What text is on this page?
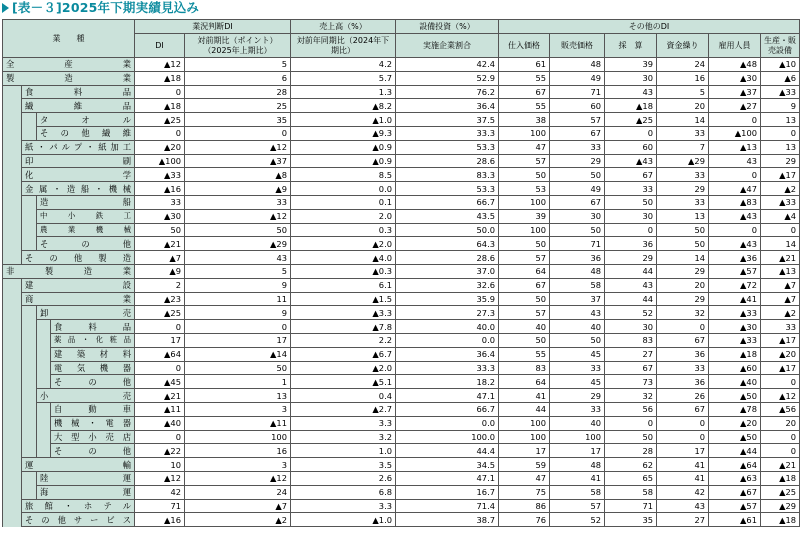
[表－３]2025年下期実績見込み
業　　種				業況判断DI		売上高（%）	設備投資（%）	その他のDI					
				DI	対前期比（ポイント）（2025年上期比）	対前年同期比（2024年下期比）	実施企業割合	仕入価格	販売価格	採　算	資金繰り	雇用人員	生産・販売設備
全　産　業				▲12	5	4.2	42.4	61	48	39	24	▲48	▲10
製　造　業				▲18	6	5.7	52.9	55	49	30	16	▲30	▲6
	食　料　品			0	28	1.3	76.2	67	71	43	5	▲37	▲33
	繊　維　品			▲18	25	▲8.2	36.4	55	60	▲18	20	▲27	9
		タ　オ　ル		▲25	35	▲1.0	37.5	38	57	▲25	14	0	13
		その他繊維		0	0	▲9.3	33.3	100	67	0	33	▲100	0
	紙・パルプ・紙加工			▲20	▲12	▲0.9	53.3	47	33	60	7	▲13	13
	印　　刷			▲100	▲37	▲0.9	28.6	57	29	▲43	▲29	43	29
	化　　学			▲33	▲8	8.5	83.3	50	50	67	33	0	▲17
	金属・造船・機械			▲16	▲9	0.0	53.3	53	49	33	29	▲47	▲2
		造　船		33	33	0.1	66.7	100	67	50	33	▲83	▲33
		中 小 鉄 工		▲30	▲12	2.0	43.5	39	30	30	13	▲43	▲4
		農 業 機 械		50	50	0.3	50.0	100	50	0	50	0	0
		そ　の　他		▲21	▲29	▲2.0	64.3	50	71	36	50	▲43	14
	その他製造			▲7	43	▲4.0	28.6	57	36	29	14	▲36	▲21
非　製　造　業				▲9	5	▲0.3	37.0	64	48	44	29	▲57	▲13
	建　　設			2	9	6.1	32.6	67	58	43	20	▲72	▲7
	商　　業			▲23	11	▲1.5	35.9	50	37	44	29	▲41	▲7
		卸　　売		▲25	9	▲3.3	27.3	57	43	52	32	▲33	▲2
			食 料 品	0	0	▲7.8	40.0	40	40	30	0	▲30	33
			薬品・化粧品	17	17	2.2	0.0	50	50	83	67	▲33	▲17
			建築材料	▲64	▲14	▲6.7	36.4	55	45	27	36	▲18	▲20
			電気機器	0	50	▲2.0	33.3	83	33	67	33	▲60	▲17
			そ の 他	▲45	1	▲5.1	18.2	64	45	73	36	▲40	0
		小　　売		▲21	13	0.4	47.1	41	29	32	26	▲50	▲12
			自 動 車	▲11	3	▲2.7	66.7	44	33	56	67	▲78	▲56
			機械・電器	▲40	▲11	3.3	0.0	100	40	0	0	▲20	20
			大型小売店	0	100	3.2	100.0	100	100	50	0	▲50	0
			そ の 他	▲22	16	1.0	44.4	17	17	28	17	▲44	0
	運　　輸			10	3	3.5	34.5	59	48	62	41	▲64	▲21
		陸　　運		▲12	▲12	2.6	47.1	47	41	65	41	▲63	▲18
		海　　運		42	24	6.8	16.7	75	58	58	42	▲67	▲25
	旅館・ホテル			71	▲7	3.3	71.4	86	57	71	43	▲57	▲29
	その他サービス			▲16	▲2	▲1.0	38.7	76	52	35	27	▲61	▲18
